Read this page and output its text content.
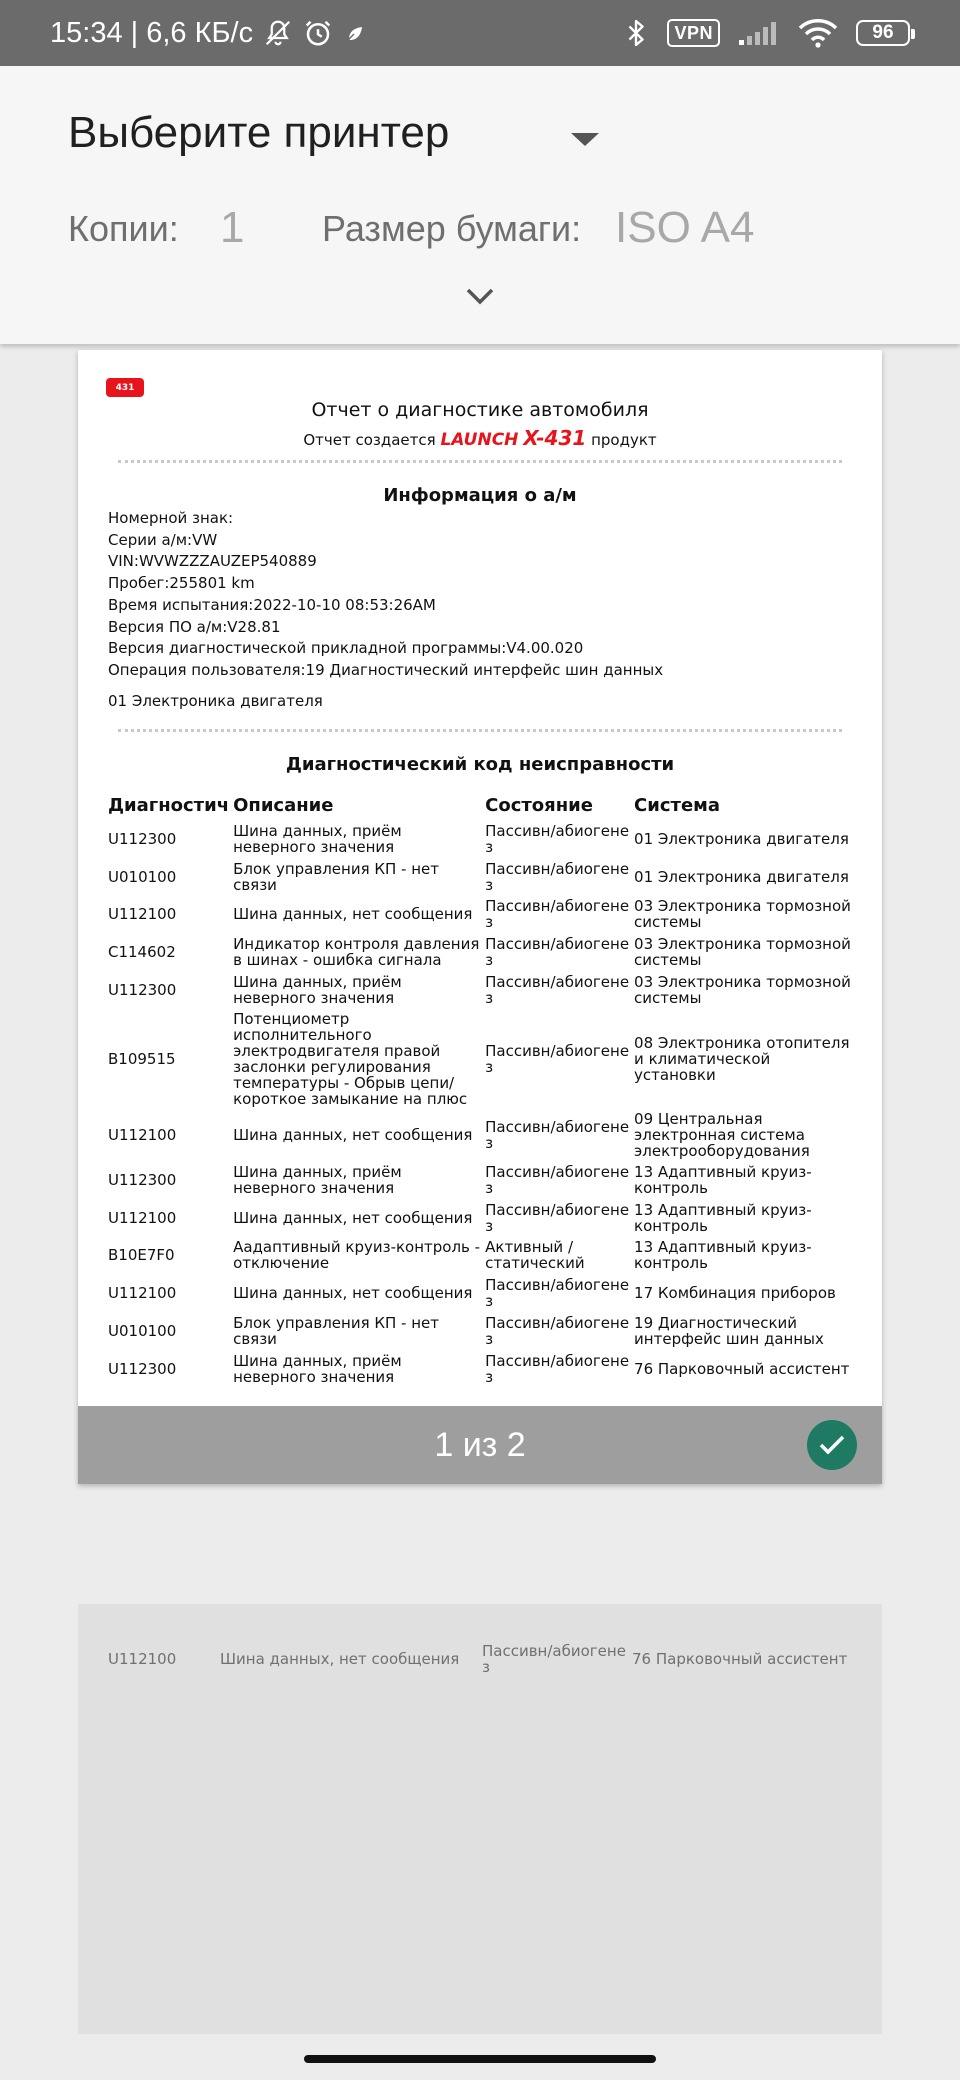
15:34 | 6,6 КБ/с	VPN	96
Выберите принтер
Копии: 1 Размер бумаги: ISO A4
431
Отчет о диагностике автомобиля
Отчет создается LAUNCH X-431 продукт
Информация о а/м
Номерной знак:
Серии а/м:VW
VIN:WVWZZZAUZEP540889
Пробег:255801 km
Время испытания:2022-10-10 08:53:26AM
Версия ПО а/м:V28.81
Версия диагностической прикладной программы:V4.00.020
Операция пользователя:19 Диагностический интерфейс шин данных
01 Электроника двигателя
Диагностический код неисправности
Диагностич	Описание	Состояние	Система
U112300	Шина данных, приём неверного значения	Пассивн/абиогене з	01 Электроника двигателя
U010100	Блок управления КП - нет связи	Пассивн/абиогене з	01 Электроника двигателя
U112100	Шина данных, нет сообщения	Пассивн/абиогене з	03 Электроника тормозной системы
C114602	Индикатор контроля давления в шинах - ошибка сигнала	Пассивн/абиогене з	03 Электроника тормозной системы
U112300	Шина данных, приём неверного значения	Пассивн/абиогене з	03 Электроника тормозной системы
B109515	Потенциометр исполнительного электродвигателя правой заслонки регулирования температуры - Обрыв цепи/короткое замыкание на плюс	Пассивн/абиогене з	08 Электроника отопителя и климатической установки
U112100	Шина данных, нет сообщения	Пассивн/абиогене з	09 Центральная электронная система электрооборудования
U112300	Шина данных, приём неверного значения	Пассивн/абиогене з	13 Адаптивный круиз-контроль
U112100	Шина данных, нет сообщения	Пассивн/абиогене з	13 Адаптивный круиз-контроль
B10E7F0	Аадаптивный круиз-контроль - отключение	Активный /статический	13 Адаптивный круиз-контроль
U112100	Шина данных, нет сообщения	Пассивн/абиогене з	17 Комбинация приборов
U010100	Блок управления КП - нет связи	Пассивн/абиогене з	19 Диагностический интерфейс шин данных
U112300	Шина данных, приём неверного значения	Пассивн/абиогене з	76 Парковочный ассистент
1 из 2
U112100	Шина данных, нет сообщения	Пассивн/абиогене з	76 Парковочный ассистент
